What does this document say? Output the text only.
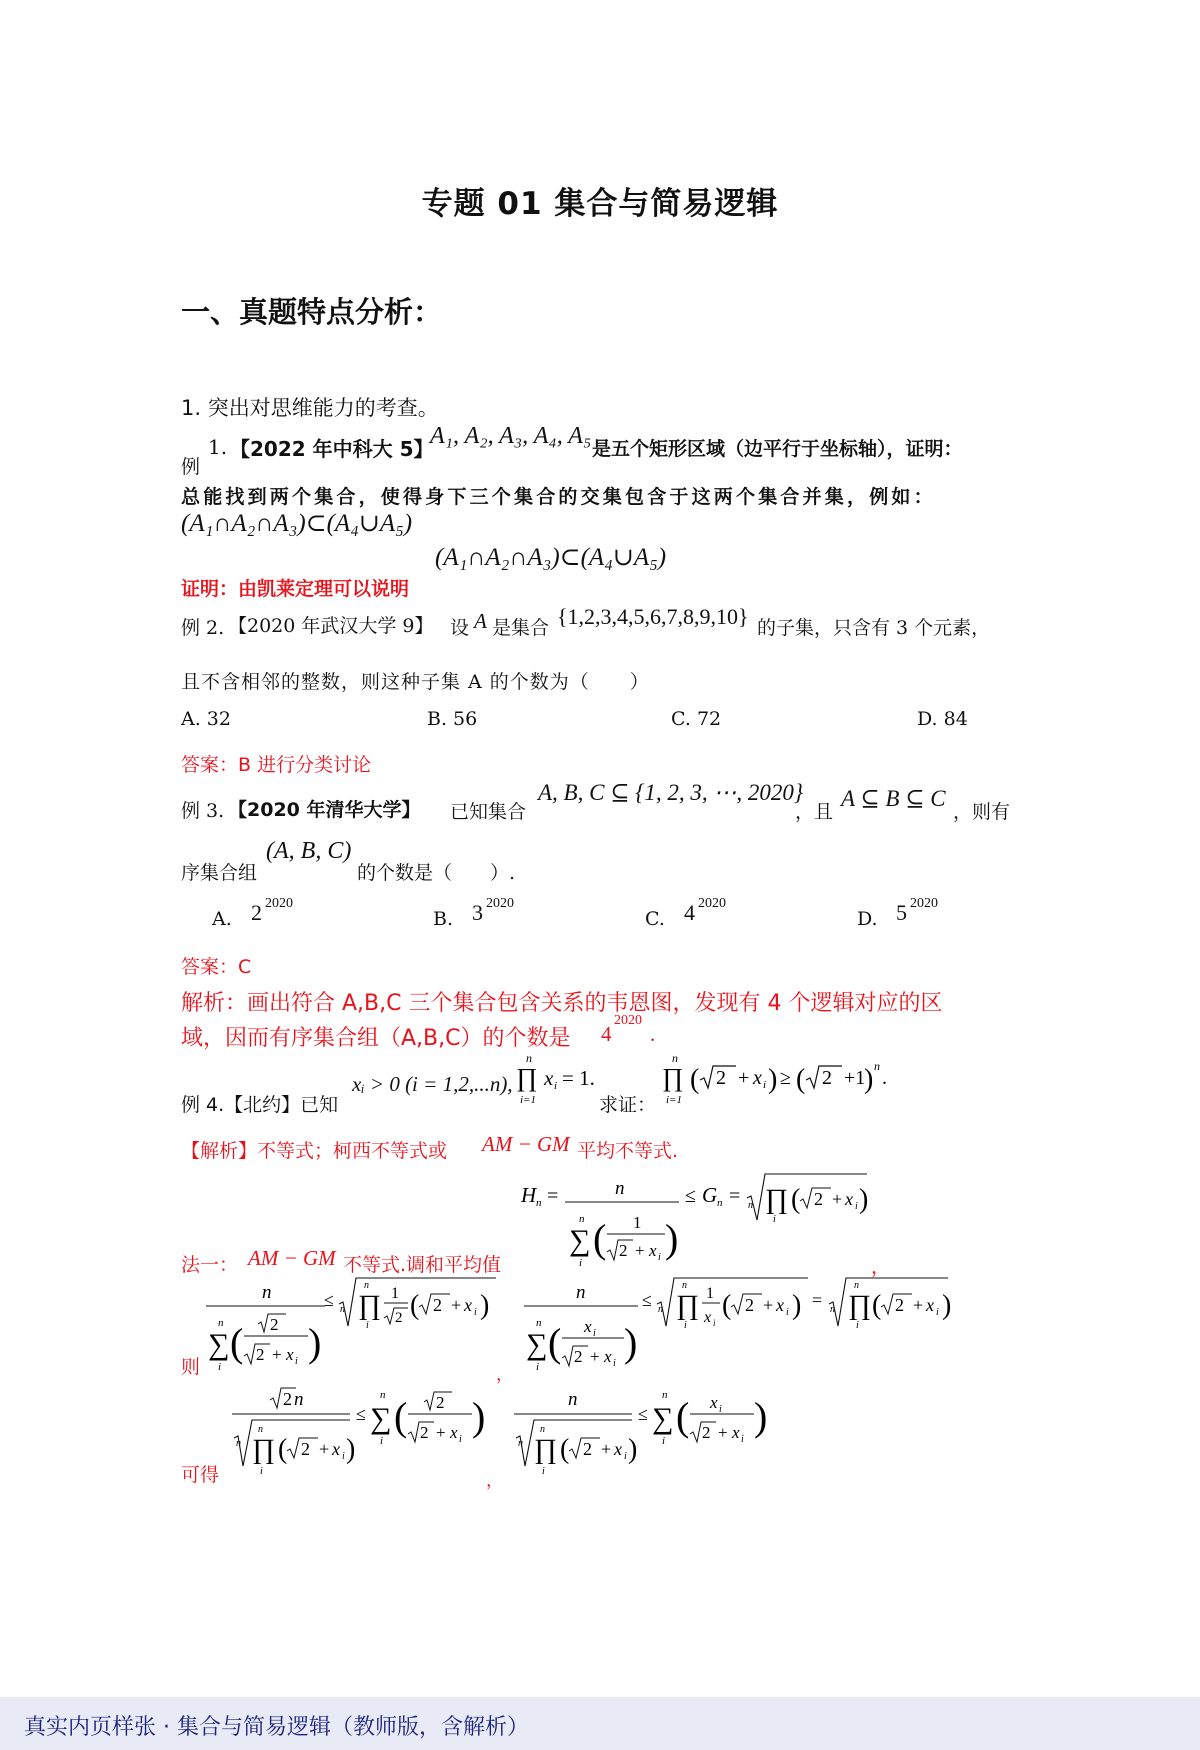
专题 01 集合与简易逻辑
一、真题特点分析：
1. 突出对思维能力的考查。
例
1. 【2022 年中科大 5】
A₁, A₂, A₃, A₄, A₅ 是五个矩形区域（边平行于坐标轴），证明：
总能找到两个集合，使得身下三个集合的交集包含于这两个集合并集，例如：
(A₁∩A₂∩A₃)⊂(A₄∪A₅)
(A₁∩A₂∩A₃)⊂(A₄∪A₅)
证明：由凯莱定理可以说明
例 2. 【2020 年武汉大学 9】 设 A 是集合 {1,2,3,4,5,6,7,8,9,10} 的子集，只含有 3 个元素，
且不含相邻的整数，则这种子集 A 的个数为（　　）
A. 32	B. 56	C. 72	D. 84
答案：B 进行分类讨论
例 3. 【2020 年清华大学】 已知集合
A, B, C ⊆ {1, 2, 3, ⋯, 2020}
，且
A ⊆ B ⊆ C
，则有
序集合组
(A, B, C)
的个数是（　　）.
A. 2 2020
B. 3 2020
C. 4 2020
D. 5 2020
答案：C
解析：画出符合 A,B,C 三个集合包含关系的韦恩图，发现有 4 个逻辑对应的区
域，因而有序集合组（A,B,C）的个数是 4
2020
.
例 4.【北约】已知
xᵢ > 0 (i = 1,2,...n),
n
∏ x i = 1.
i=1	求证：
n
∏
i=1
( 2 + x i ) ≥ ( 2 +1
) n
.
【解析】不等式；柯西不等式或 AM − GM 平均不等式.
H n =	n
∑
n
i
( 1
2 + x i )
≤ G n = n ∏
i
( 2 + x i )
法一： AM − GM 不等式.调和平均值	，
n
∑
n
i
( 2
2 + x i )
≤ n ∏
n
i
1
2 ( 2 + x i )	n
∑
n
i
( x i
2 + x i )
≤ n ∏
n
i
1
x i
( 2 + x i ) = n ∏
n
i
( 2 + x i )
则	，
2 n
n ∏
n
i
( 2 + x i )
≤ ∑
n
i
( 2
2 + x i
)	n
n ∏
n
i
( 2 + x i )
≤ ∑
n
i
( x i
2 + x i
)
可得	，
真实内页样张 · 集合与简易逻辑（教师版，含解析）
